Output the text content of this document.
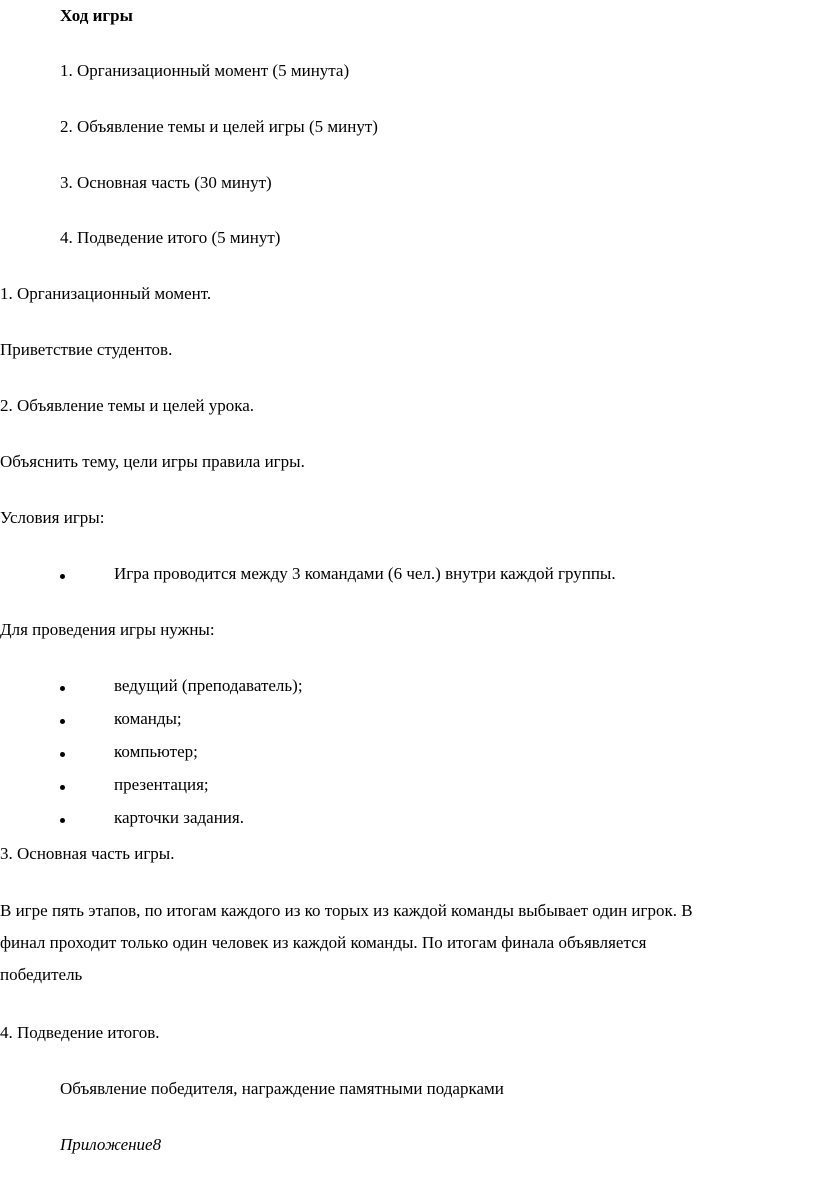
Ход игры
1. Организационный момент (5 минута)
2. Объявление темы и целей игры (5 минут)
3. Основная часть (30 минут)
4. Подведение итого (5 минут)
1. Организационный момент.
Приветствие студентов.
2. Объявление темы и целей урока.
Объяснить тему, цели игры правила игры.
Условия игры:
Игра проводится между 3 командами (6 чел.) внутри каждой группы.
Для проведения игры нужны:
ведущий (преподаватель);
команды;
компьютер;
презентация;
карточки задания.
3. Основная часть игры.
В игре пять этапов, по итогам каждого из ко торых из каждой команды выбывает один игрок. В
финал проходит только один человек из каждой команды. По итогам финала объявляется
победитель
4. Подведение итогов.
Объявление победителя, награждение памятными подарками
Приложение8
